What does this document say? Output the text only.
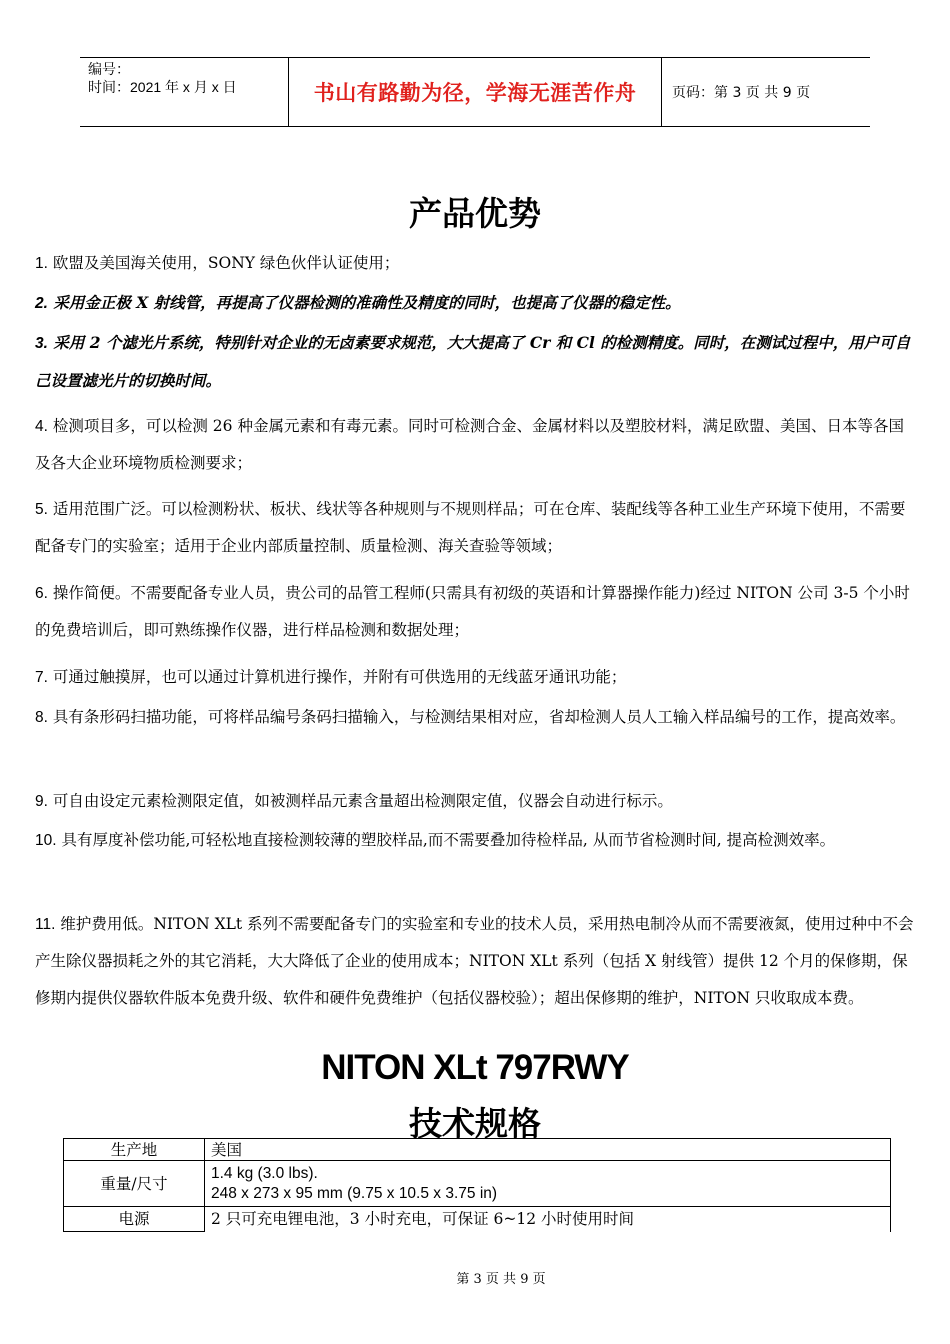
编号：
时间：2021 年 x 月 x 日	书山有路勤为径，学海无涯苦作舟	页码：第 3 页 共 9 页
产品优势
1. 欧盟及美国海关使用，SONY 绿色伙伴认证使用；
2. 采用金正极 X 射线管，再提高了仪器检测的准确性及精度的同时，也提高了仪器的稳定性。
3. 采用 2 个滤光片系统，特别针对企业的无卤素要求规范，大大提高了 Cr 和 Cl 的检测精度。同时，在测试过程中，用户可自己设置滤光片的切换时间。
4. 检测项目多，可以检测 26 种金属元素和有毒元素。同时可检测合金、金属材料以及塑胶材料，满足欧盟、美国、日本等各国及各大企业环境物质检测要求；
5. 适用范围广泛。可以检测粉状、板状、线状等各种规则与不规则样品；可在仓库、装配线等各种工业生产环境下使用，不需要配备专门的实验室；适用于企业内部质量控制、质量检测、海关查验等领域；
6. 操作简便。不需要配备专业人员，贵公司的品管工程师(只需具有初级的英语和计算器操作能力)经过 NITON 公司 3-5 个小时的免费培训后，即可熟练操作仪器，进行样品检测和数据处理；
7. 可通过触摸屏，也可以通过计算机进行操作，并附有可供选用的无线蓝牙通讯功能；
8. 具有条形码扫描功能，可将样品编号条码扫描输入，与检测结果相对应，省却检测人员人工输入样品编号的工作，提高效率。
9. 可自由设定元素检测限定值，如被测样品元素含量超出检测限定值，仪器会自动进行标示。
10. 具有厚度补偿功能,可轻松地直接检测较薄的塑胶样品,而不需要叠加待检样品, 从而节省检测时间, 提高检测效率。
11. 维护费用低。NITON XLt 系列不需要配备专门的实验室和专业的技术人员，采用热电制冷从而不需要液氮，使用过种中不会产生除仪器损耗之外的其它消耗，大大降低了企业的使用成本；NITON XLt 系列（包括 X 射线管）提供 12 个月的保修期，保修期内提供仪器软件版本免费升级、软件和硬件免费维护（包括仪器校验）；超出保修期的维护，NITON 只收取成本费。
NITON XLt 797RWY
技术规格
生产地	美国
重量/尺寸	1.4 kg (3.0 lbs).
248 x 273 x 95 mm (9.75 x 10.5 x 3.75 in)

电源	2 只可充电锂电池，3 小时充电，可保证 6~12 小时使用时间
第 3 页 共 9 页
